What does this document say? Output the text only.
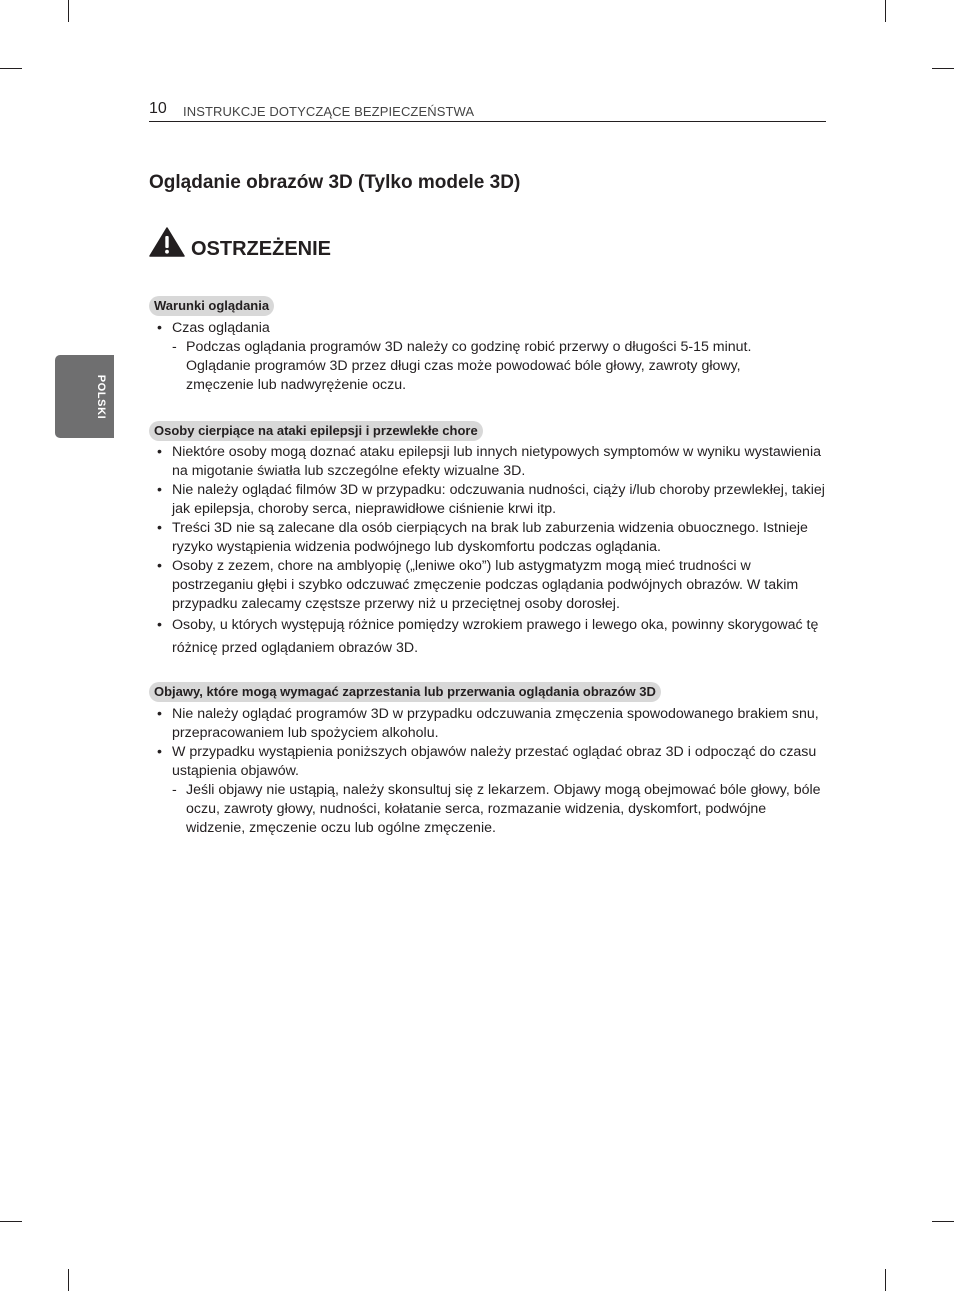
10 INSTRUKCJE DOTYCZĄCE BEZPIECZEŃSTWA
POLSKI
Oglądanie obrazów 3D (Tylko modele 3D)
OSTRZEŻENIE
Warunki oglądania
• Czas oglądania
- Podczas oglądania programów 3D należy co godzinę robić przerwy o długości 5-15 minut. Oglądanie programów 3D przez długi czas może powodować bóle głowy, zawroty głowy, zmęczenie lub nadwyrężenie oczu.
Osoby cierpiące na ataki epilepsji i przewlekłe chore
• Niektóre osoby mogą doznać ataku epilepsji lub innych nietypowych symptomów w wyniku wystawienia na migotanie światła lub szczególne efekty wizualne 3D.
• Nie należy oglądać filmów 3D w przypadku: odczuwania nudności, ciąży i/lub choroby przewlekłej, takiej jak epilepsja, choroby serca, nieprawidłowe ciśnienie krwi itp.
• Treści 3D nie są zalecane dla osób cierpiących na brak lub zaburzenia widzenia obuocznego. Istnieje ryzyko wystąpienia widzenia podwójnego lub dyskomfortu podczas oglądania.
• Osoby z zezem, chore na amblyopię („leniwe oko”) lub astygmatyzm mogą mieć trudności w postrzeganiu głębi i szybko odczuwać zmęczenie podczas oglądania podwójnych obrazów. W takim przypadku zalecamy częstsze przerwy niż u przeciętnej osoby dorosłej.
• Osoby, u których występują różnice pomiędzy wzrokiem prawego i lewego oka, powinny skorygować tę różnicę przed oglądaniem obrazów 3D.
Objawy, które mogą wymagać zaprzestania lub przerwania oglądania obrazów 3D
• Nie należy oglądać programów 3D w przypadku odczuwania zmęczenia spowodowanego brakiem snu, przepracowaniem lub spożyciem alkoholu.
• W przypadku wystąpienia poniższych objawów należy przestać oglądać obraz 3D i odpocząć do czasu ustąpienia objawów.
- Jeśli objawy nie ustąpią, należy skonsultuj się z lekarzem. Objawy mogą obejmować bóle głowy, bóle oczu, zawroty głowy, nudności, kołatanie serca, rozmazanie widzenia, dyskomfort, podwójne widzenie, zmęczenie oczu lub ogólne zmęczenie.
